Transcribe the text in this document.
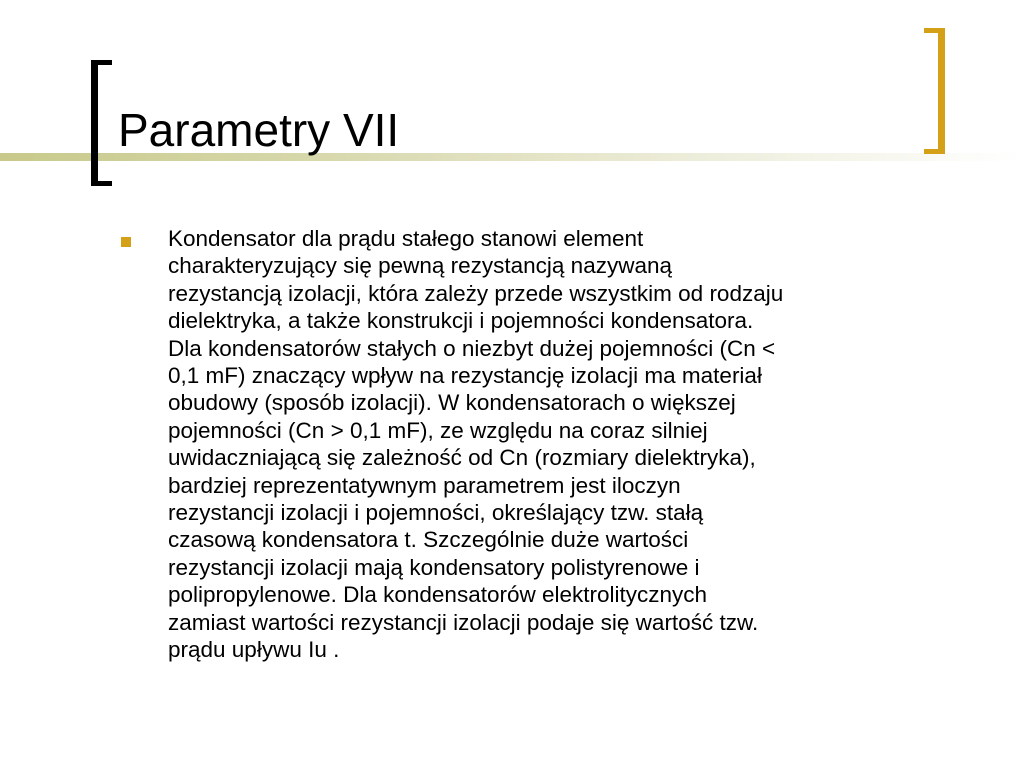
Parametry VII
Kondensator dla prądu stałego stanowi element
charakteryzujący się pewną rezystancją nazywaną
rezystancją izolacji, która zależy przede wszystkim od rodzaju
dielektryka, a także konstrukcji i pojemności kondensatora.
Dla kondensatorów stałych o niezbyt dużej pojemności (Cn <
0,1 mF) znaczący wpływ na rezystancję izolacji ma materiał
obudowy (sposób izolacji). W kondensatorach o większej
pojemności (Cn > 0,1 mF), ze względu na coraz silniej
uwidaczniającą się zależność od Cn (rozmiary dielektryka),
bardziej reprezentatywnym parametrem jest iloczyn
rezystancji izolacji i pojemności, określający tzw. stałą
czasową kondensatora t. Szczególnie duże wartości
rezystancji izolacji mają kondensatory polistyrenowe i
polipropylenowe. Dla kondensatorów elektrolitycznych
zamiast wartości rezystancji izolacji podaje się wartość tzw.
prądu upływu Iu .
